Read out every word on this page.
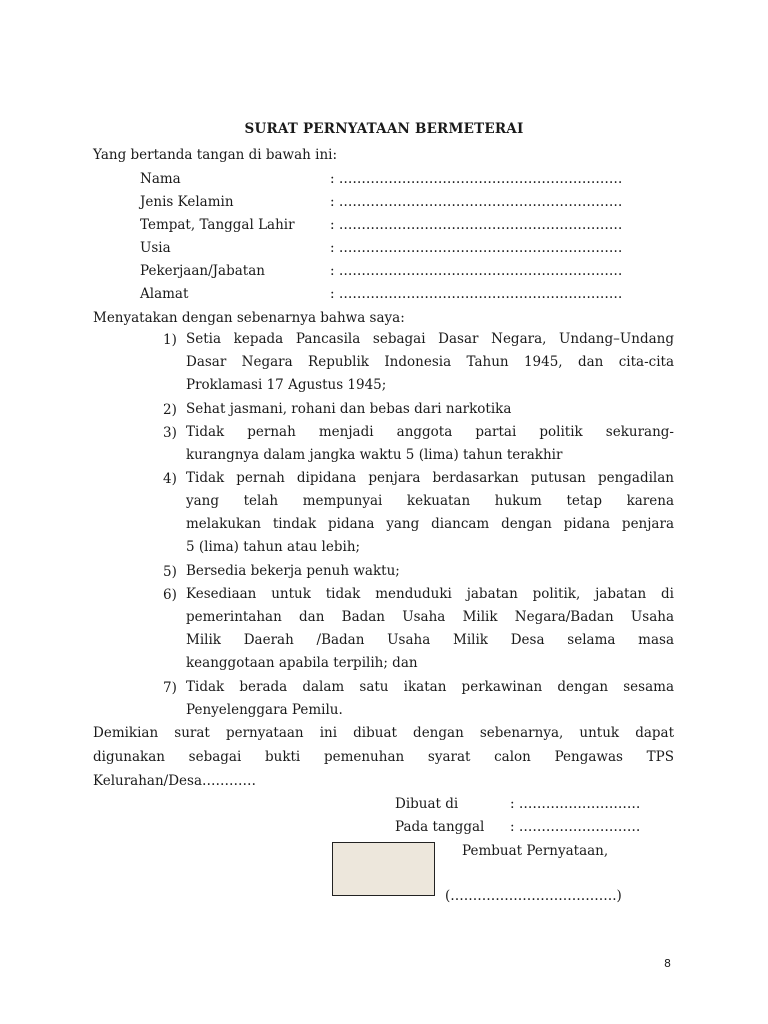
SURAT PERNYATAAN BERMETERAI
Yang bertanda tangan di bawah ini:
Nama	: ………………………………………………………
Jenis Kelamin	: ………………………………………………………
Tempat, Tanggal Lahir	: ………………………………………………………
Usia	: ………………………………………………………
Pekerjaan/Jabatan	: ………………………………………………………
Alamat	: ………………………………………………………
Menyatakan dengan sebenarnya bahwa saya:
1) Setia kepada Pancasila sebagai Dasar Negara, Undang–Undang
Dasar Negara Republik Indonesia Tahun 1945, dan cita-cita
Proklamasi 17 Agustus 1945;
2) Sehat jasmani, rohani dan bebas dari narkotika
3) Tidak pernah menjadi anggota partai politik sekurang-
kurangnya dalam jangka waktu 5 (lima) tahun terakhir
4) Tidak pernah dipidana penjara berdasarkan putusan pengadilan
yang telah mempunyai kekuatan hukum tetap karena
melakukan tindak pidana yang diancam dengan pidana penjara
5 (lima) tahun atau lebih;
5) Bersedia bekerja penuh waktu;
6) Kesediaan untuk tidak menduduki jabatan politik, jabatan di
pemerintahan dan Badan Usaha Milik Negara/Badan Usaha
Milik Daerah /Badan Usaha Milik Desa selama masa
keanggotaan apabila terpilih; dan
7) Tidak berada dalam satu ikatan perkawinan dengan sesama
Penyelenggara Pemilu.
Demikian surat pernyataan ini dibuat dengan sebenarnya, untuk dapat
digunakan sebagai bukti pemenuhan syarat calon Pengawas TPS
Kelurahan/Desa…………
Dibuat di	: ………………………
Pada tanggal : ………………………
Pembuat Pernyataan,
(……………………………….)
8
